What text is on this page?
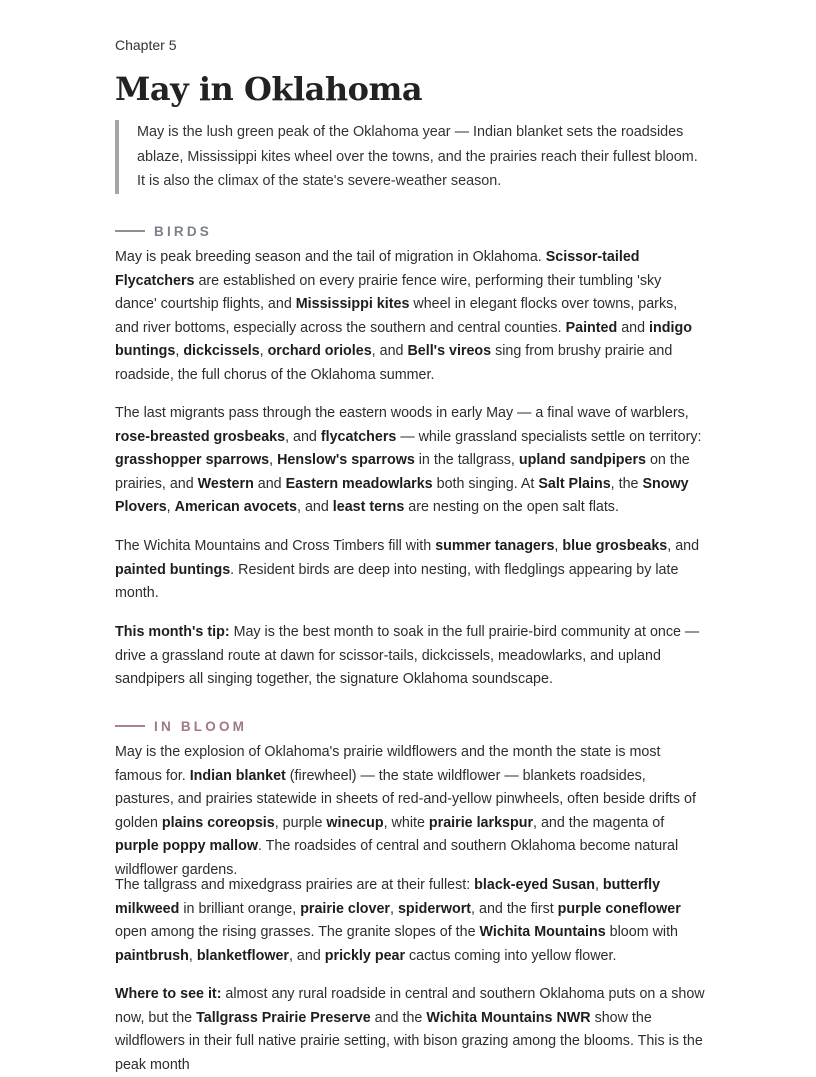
Chapter 5
May in Oklahoma
May is the lush green peak of the Oklahoma year — Indian blanket sets the roadsides ablaze, Mississippi kites wheel over the towns, and the prairies reach their fullest bloom. It is also the climax of the state's severe-weather season.
BIRDS

May is peak breeding season and the tail of migration in Oklahoma. Scissor-tailed Flycatchers are established on every prairie fence wire, performing their tumbling 'sky dance' courtship flights, and Mississippi kites wheel in elegant flocks over towns, parks, and river bottoms, especially across the southern and central counties. Painted and indigo buntings, dickcissels, orchard orioles, and Bell's vireos sing from brushy prairie and roadside, the full chorus of the Oklahoma summer.

The last migrants pass through the eastern woods in early May — a final wave of warblers, rose-breasted grosbeaks, and flycatchers — while grassland specialists settle on territory: grasshopper sparrows, Henslow's sparrows in the tallgrass, upland sandpipers on the prairies, and Western and Eastern meadowlarks both singing. At Salt Plains, the Snowy Plovers, American avocets, and least terns are nesting on the open salt flats.

The Wichita Mountains and Cross Timbers fill with summer tanagers, blue grosbeaks, and painted buntings. Resident birds are deep into nesting, with fledglings appearing by late month.

This month's tip: May is the best month to soak in the full prairie-bird community at once — drive a grassland route at dawn for scissor-tails, dickcissels, meadowlarks, and upland sandpipers all singing together, the signature Oklahoma soundscape.

IN BLOOM

May is the explosion of Oklahoma's prairie wildflowers and the month the state is most famous for. Indian blanket (firewheel) — the state wildflower — blankets roadsides, pastures, and prairies statewide in sheets of red-and-yellow pinwheels, often beside drifts of golden plains coreopsis, purple winecup, white prairie larkspur, and the magenta of purple poppy mallow. The roadsides of central and southern Oklahoma become natural wildflower gardens.

The tallgrass and mixedgrass prairies are at their fullest: black-eyed Susan, butterfly milkweed in brilliant orange, prairie clover, spiderwort, and the first purple coneflower open among the rising grasses. The granite slopes of the Wichita Mountains bloom with paintbrush, blanketflower, and prickly pear cactus coming into yellow flower.

Where to see it: almost any rural roadside in central and southern Oklahoma puts on a show now, but the Tallgrass Prairie Preserve and the Wichita Mountains NWR show the wildflowers in their full native prairie setting, with bison grazing among the blooms. This is the peak month
